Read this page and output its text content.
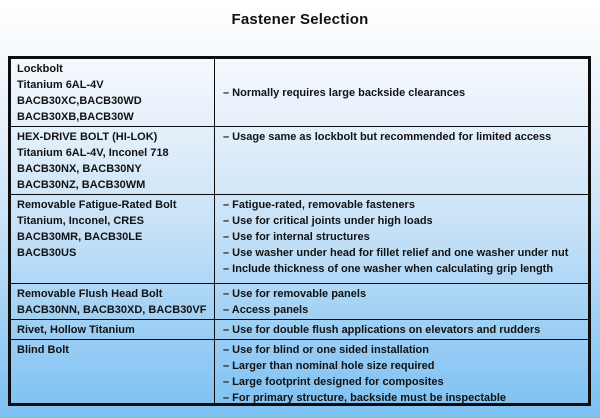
Fastener Selection
Lockbolt
Titanium 6AL-4V
BACB30XC,BACB30WD
BACB30XB,BACB30W
– Normally requires large backside clearances
HEX-DRIVE BOLT (HI-LOK)
Titanium 6AL-4V, Inconel 718
BACB30NX, BACB30NY
BACB30NZ, BACB30WM
– Usage same as lockbolt but recommended for limited access
Removable Fatigue-Rated Bolt
Titanium, Inconel, CRES
BACB30MR, BACB30LE
BACB30US
– Fatigue-rated, removable fasteners
– Use for critical joints under high loads
– Use for internal structures
– Use washer under head for fillet relief and one washer under nut
– Include thickness of one washer when calculating grip length
Removable Flush Head Bolt
BACB30NN, BACB30XD, BACB30VF
– Use for removable panels
– Access panels
Rivet, Hollow Titanium	– Use for double flush applications on elevators and rudders
Blind Bolt	– Use for blind or one sided installation
– Larger than nominal hole size required
– Large footprint designed for composites
– For primary structure, backside must be inspectable
